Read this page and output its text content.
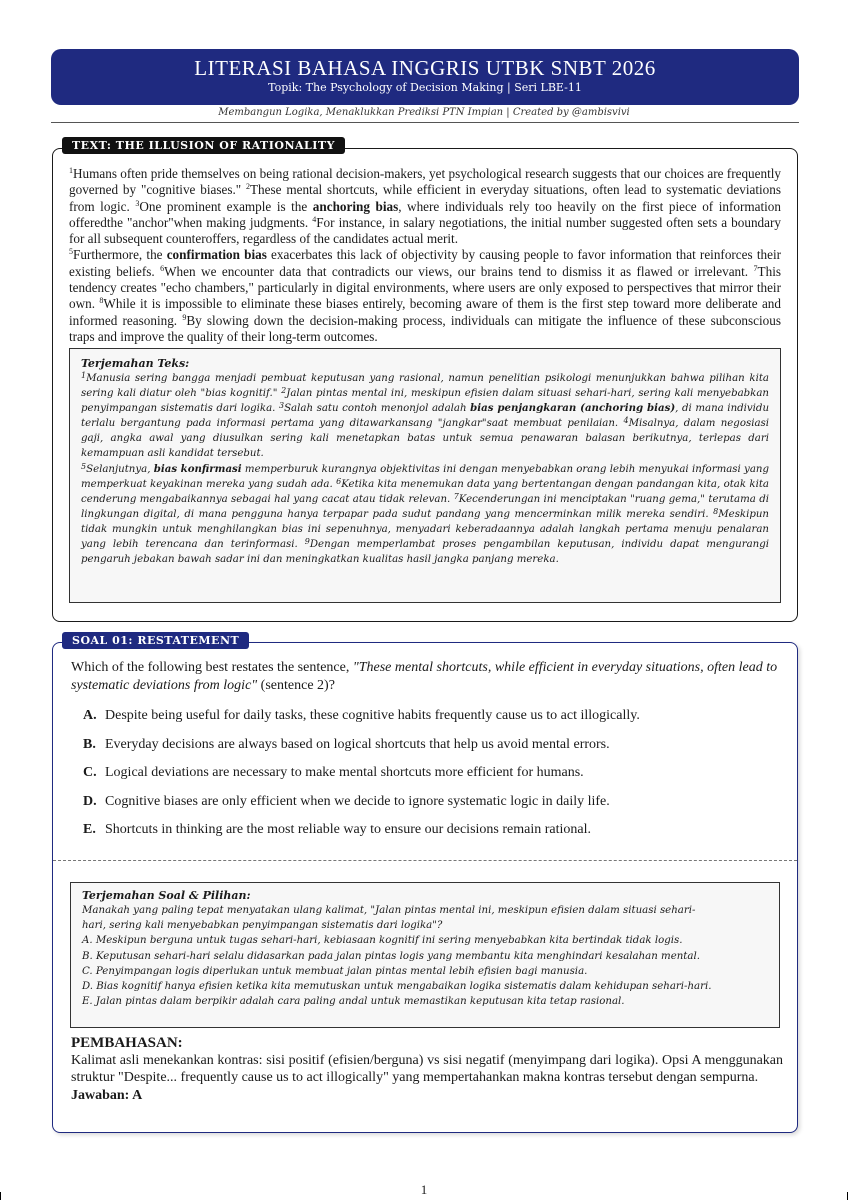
LITERASI BAHASA INGGRIS UTBK SNBT 2026
Topik: The Psychology of Decision Making | Seri LBE-11
Membangun Logika, Menaklukkan Prediksi PTN Impian | Created by @ambisvivi
$^1$Humans often pride themselves on being rational decision-makers, yet psychological research suggests that our choices are frequently governed by "cognitive biases." $^2$These mental shortcuts, while efficient in everyday situations, often lead to systematic deviations from logic. $^3$One prominent example is the anchoring bias, where individuals rely too heavily on the first piece of information offeredthe "anchor"when making judgments. $^4$For instance, in salary negotiations, the initial number suggested often sets a boundary for all subsequent counteroffers, regardless of the candidates actual merit.
$^5$Furthermore, the confirmation bias exacerbates this lack of objectivity by causing people to favor information that reinforces their existing beliefs. $^6$When we encounter data that contradicts our views, our brains tend to dismiss it as flawed or irrelevant. $^7$This tendency creates "echo chambers," particularly in digital environments, where users are only exposed to perspectives that mirror their own. $^8$While it is impossible to eliminate these biases entirely, becoming aware of them is the first step toward more deliberate and informed reasoning. $^9$By slowing down the decision-making process, individuals can mitigate the influence of these subconscious traps and improve the quality of their long-term outcomes.
Terjemahan Teks:
$^1$Manusia sering bangga menjadi pembuat keputusan yang rasional, namun penelitian psikologi menunjukkan bahwa pilihan kita sering kali diatur oleh "bias kognitif." $^2$Jalan pintas mental ini, meskipun efisien dalam situasi sehari-hari, sering kali menyebabkan penyimpangan sistematis dari logika. $^3$Salah satu contoh menonjol adalah bias penjangkaran (anchoring bias), di mana individu terlalu bergantung pada informasi pertama yang ditawarkansang "jangkar"saat membuat penilaian. $^4$Misalnya, dalam negosiasi gaji, angka awal yang diusulkan sering kali menetapkan batas untuk semua penawaran balasan berikutnya, terlepas dari kemampuan asli kandidat tersebut.
$^5$Selanjutnya, bias konfirmasi memperburuk kurangnya objektivitas ini dengan menyebabkan orang lebih menyukai informasi yang memperkuat keyakinan mereka yang sudah ada. $^6$Ketika kita menemukan data yang bertentangan dengan pandangan kita, otak kita cenderung mengabaikannya sebagai hal yang cacat atau tidak relevan. $^7$Kecenderungan ini menciptakan "ruang gema," terutama di lingkungan digital, di mana pengguna hanya terpapar pada sudut pandang yang mencerminkan milik mereka sendiri. $^8$Meskipun tidak mungkin untuk menghilangkan bias ini sepenuhnya, menyadari keberadaannya adalah langkah pertama menuju penalaran yang lebih terencana dan terinformasi. $^9$Dengan memperlambat proses pengambilan keputusan, individu dapat mengurangi pengaruh jebakan bawah sadar ini dan meningkatkan kualitas hasil jangka panjang mereka.
TEXT: THE ILLUSION OF RATIONALITY
Which of the following best restates the sentence, "These mental shortcuts, while efficient in everyday situations, often lead to systematic deviations from logic" (sentence 2)?
A. Despite being useful for daily tasks, these cognitive habits frequently cause us to act illogically.
B. Everyday decisions are always based on logical shortcuts that help us avoid mental errors.
C. Logical deviations are necessary to make mental shortcuts more efficient for humans.
D. Cognitive biases are only efficient when we decide to ignore systematic logic in daily life.
E. Shortcuts in thinking are the most reliable way to ensure our decisions remain rational.
Terjemahan Soal & Pilihan:
Manakah yang paling tepat menyatakan ulang kalimat, "Jalan pintas mental ini, meskipun efisien dalam situasi sehari-
hari, sering kali menyebabkan penyimpangan sistematis dari logika"?
A. Meskipun berguna untuk tugas sehari-hari, kebiasaan kognitif ini sering menyebabkan kita bertindak tidak logis.
B. Keputusan sehari-hari selalu didasarkan pada jalan pintas logis yang membantu kita menghindari kesalahan mental.
C. Penyimpangan logis diperlukan untuk membuat jalan pintas mental lebih efisien bagi manusia.
D. Bias kognitif hanya efisien ketika kita memutuskan untuk mengabaikan logika sistematis dalam kehidupan sehari-hari.
E. Jalan pintas dalam berpikir adalah cara paling andal untuk memastikan keputusan kita tetap rasional.
PEMBAHASAN:
Kalimat asli menekankan kontras: sisi positif (efisien/berguna) vs sisi negatif (menyimpang dari logika). Opsi A menggunakan struktur "Despite... frequently cause us to act illogically" yang mempertahankan makna kontras tersebut dengan sempurna.
Jawaban: A
SOAL 01: RESTATEMENT
1
